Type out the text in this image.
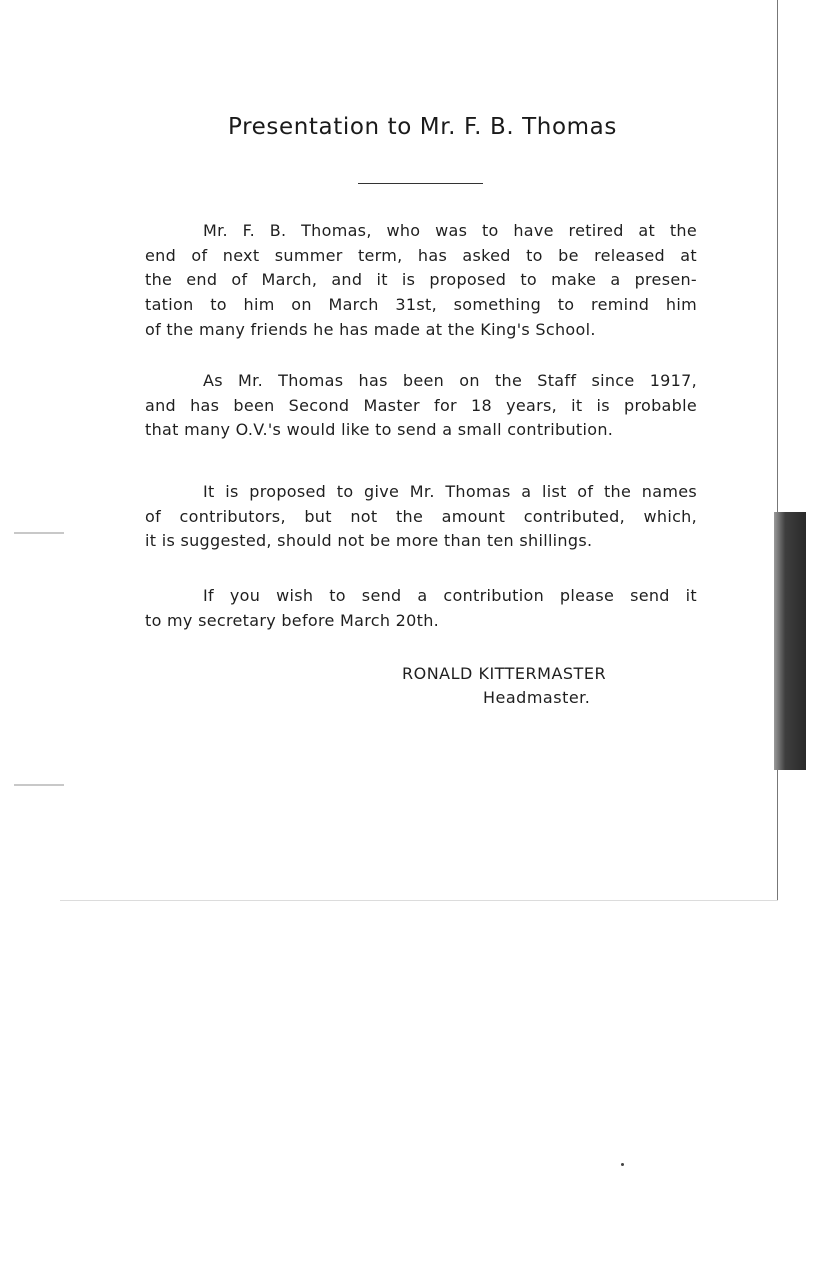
Presentation to Mr. F. B. Thomas

Mr. F. B. Thomas, who was to have retired at the
end of next summer term, has asked to be released at
the end of March, and it is proposed to make a presen-
tation to him on March 31st, something to remind him
of the many friends he has made at the King's School.

As Mr. Thomas has been on the Staff since 1917,
and has been Second Master for 18 years, it is probable
that many O.V.'s would like to send a small contribution.

It is proposed to give Mr. Thomas a list of the names
of contributors, but not the amount contributed, which,
it is suggested, should not be more than ten shillings.

If you wish to send a contribution please send it
to my secretary before March 20th.

RONALD KITTERMASTER
Headmaster.
